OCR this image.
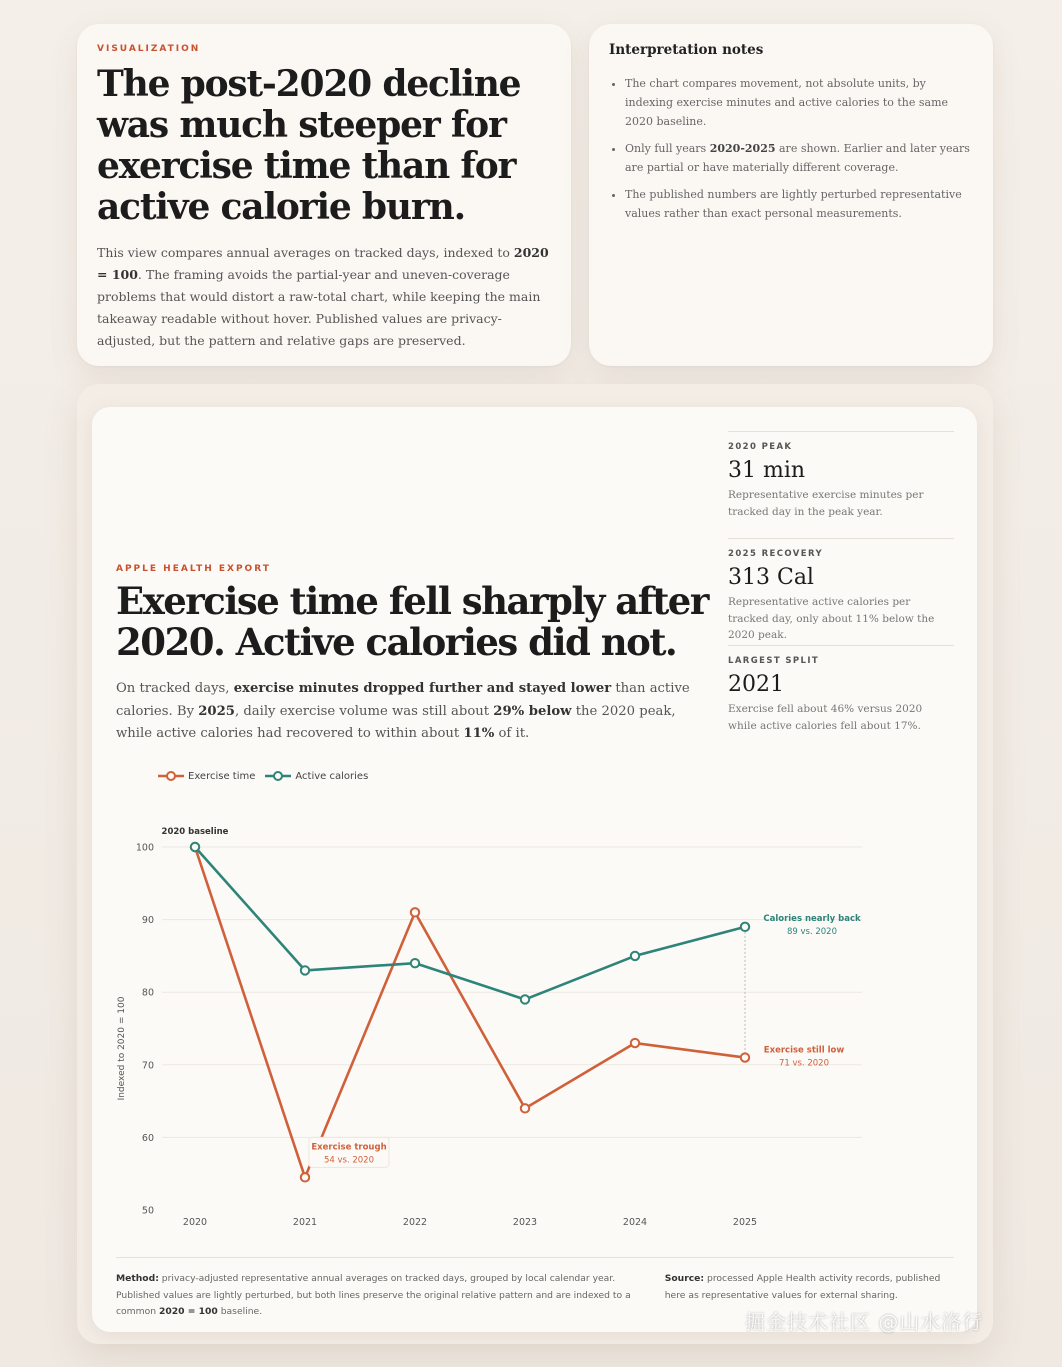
VISUALIZATION
The post-2020 decline was much steeper for exercise time than for active calorie burn.

This view compares annual averages on tracked days, indexed to 2020 = 100. The framing avoids the partial-year and uneven-coverage problems that would distort a raw-total chart, while keeping the main takeaway readable without hover. Published values are privacy-adjusted, but the pattern and relative gaps are preserved.

Interpretation notes
• The chart compares movement, not absolute units, by indexing exercise minutes and active calories to the same 2020 baseline.
• Only full years 2020-2025 are shown. Earlier and later years are partial or have materially different coverage.
• The published numbers are lightly perturbed representative values rather than exact personal measurements.
2020 PEAK
31 min
Representative exercise minutes per tracked day in the peak year.
2025 RECOVERY
313 Cal
Representative active calories per tracked day, only about 11% below the 2020 peak.
LARGEST SPLIT
2021
Exercise fell about 46% versus 2020 while active calories fell about 17%.
APPLE HEALTH EXPORT
Exercise time fell sharply after 2020. Active calories did not.

On tracked days, exercise minutes dropped further and stayed lower than active calories. By 2025, daily exercise volume was still about 29% below the 2020 peak, while active calories had recovered to within about 11% of it.

Exercise time	Active calories
100
90
80
70
60
50
Indexed to 2020 = 100
2020	2021	2022	2023	2024	2025
2020 baseline
Exercise trough
54 vs. 2020
Calories nearly back
89 vs. 2020
Exercise still low
71 vs. 2020
Method: privacy-adjusted representative annual averages on tracked days, grouped by local calendar year. Published values are lightly perturbed, but both lines preserve the original relative pattern and are indexed to a common 2020 = 100 baseline.
Source: processed Apple Health activity records, published here as representative values for external sharing.
掘金技术社区 @山水洛行
